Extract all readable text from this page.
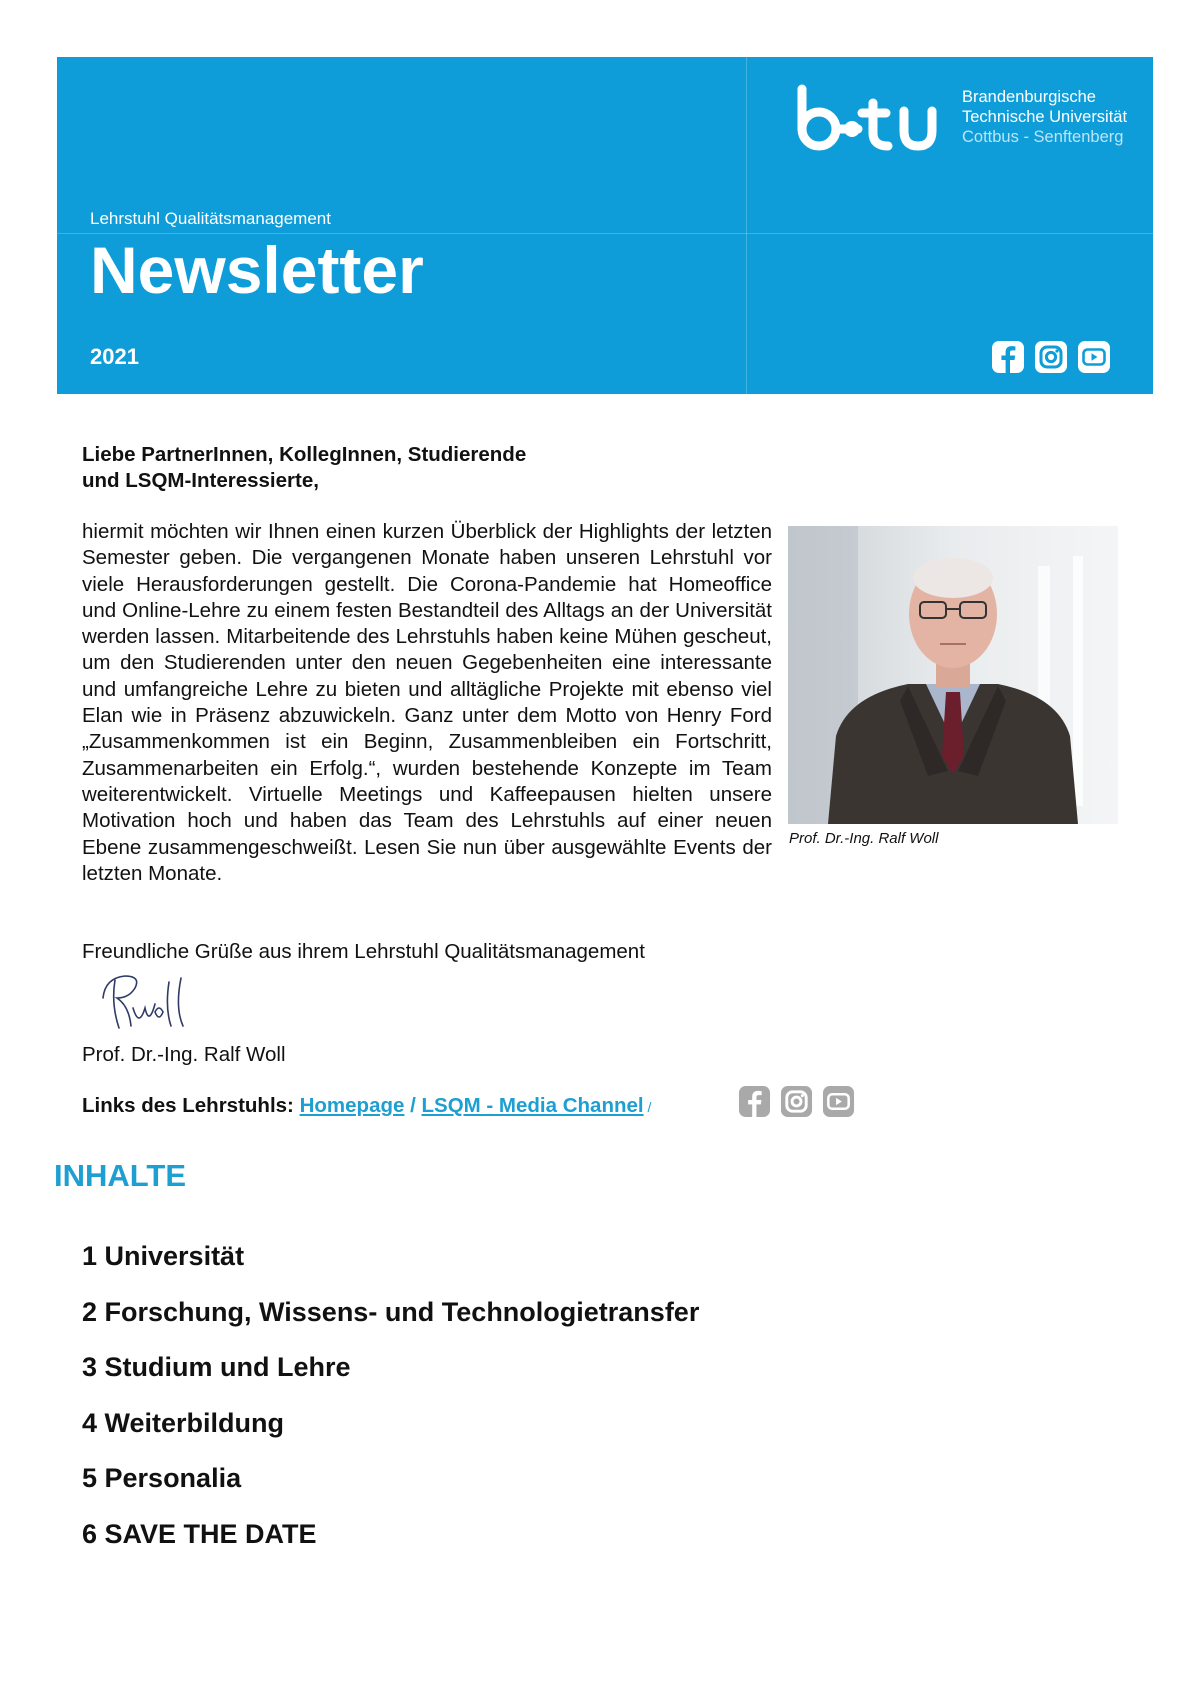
Brandenburgische
Technische Universität
Cottbus - Senftenberg
Lehrstuhl Qualitätsmanagement
Newsletter
2021
Liebe PartnerInnen, KollegInnen, Studierende
und LSQM-Interessierte,
hiermit möchten wir Ihnen einen kurzen Überblick der Highlights der letzten Semester geben. Die vergangenen Monate haben unseren Lehrstuhl vor viele Herausforderungen gestellt. Die Corona-Pandemie hat Homeoffice und Online-Lehre zu einem festen Bestandteil des Alltags an der Universität werden lassen. Mitarbeitende des Lehrstuhls haben keine Mühen gescheut, um den Studierenden unter den neuen Gegebenheiten eine interessante und umfangreiche Lehre zu bieten und alltägliche Projekte mit ebenso viel Elan wie in Präsenz abzuwickeln. Ganz unter dem Motto von Henry Ford „Zusammenkommen ist ein Beginn, Zusammenbleiben ein Fortschritt, Zusammenarbeiten ein Erfolg.“, wurden bestehende Konzepte im Team weiterentwickelt. Virtuelle Meetings und Kaffeepausen hielten unsere Motivation hoch und haben das Team des Lehrstuhls auf einer neuen Ebene zusammengeschweißt. Lesen Sie nun über ausgewählte Events der letzten Monate.
Prof. Dr.-Ing. Ralf Woll
Freundliche Grüße aus ihrem Lehrstuhl Qualitätsmanagement
Prof. Dr.-Ing. Ralf Woll
Links des Lehrstuhls: Homepage / LSQM - Media Channel /
INHALTE
1 Universität
2 Forschung, Wissens- und Technologietransfer
3 Studium und Lehre
4 Weiterbildung
5 Personalia
6 SAVE THE DATE
